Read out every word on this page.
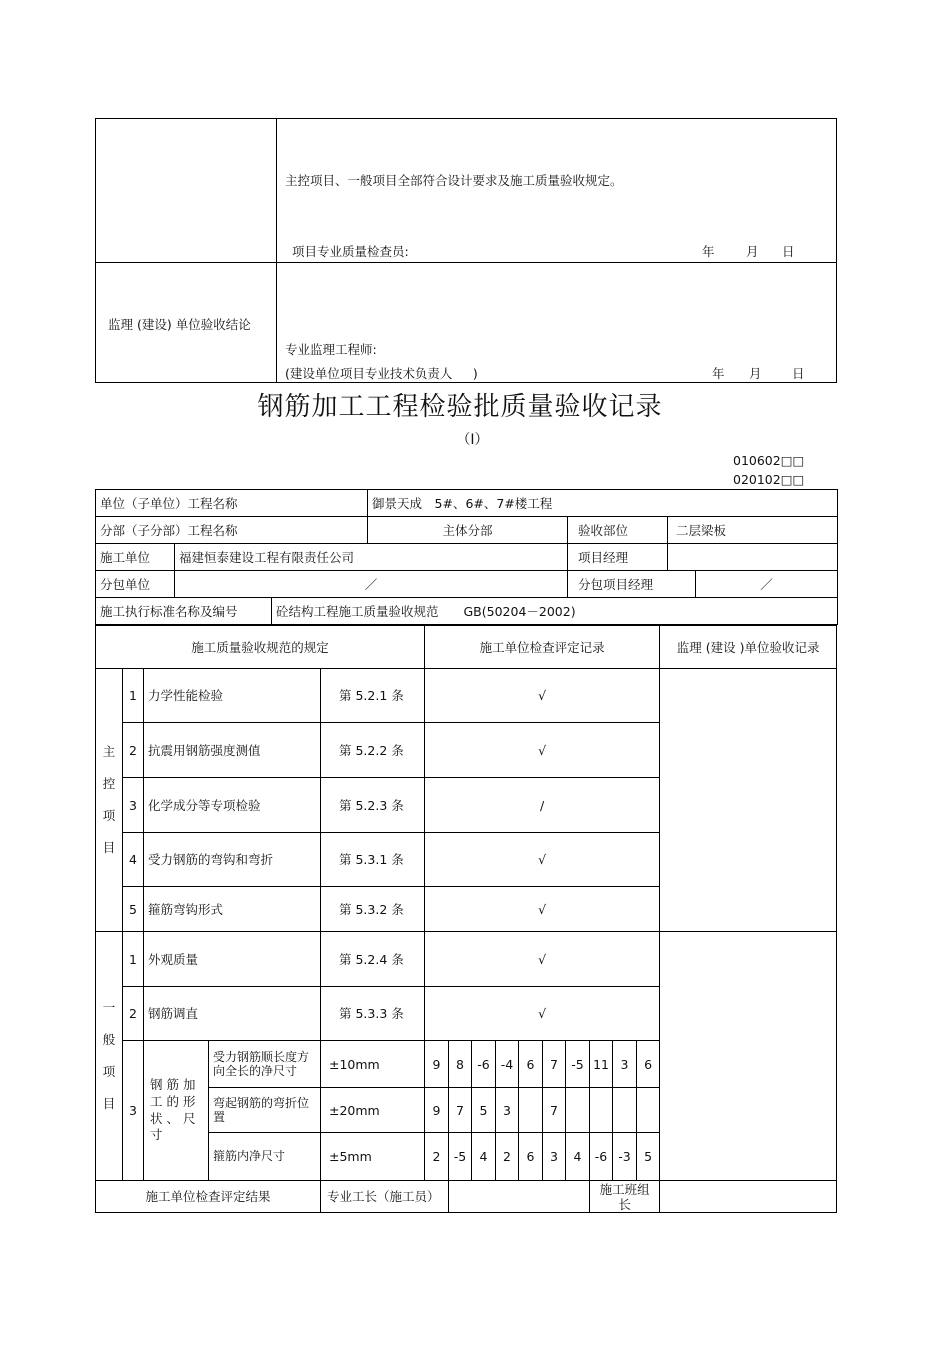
主控项目、一般项目全部符合设计要求及施工质量验收规定。
项目专业质量检查员:	年	月 日
监理 (建设) 单位验收结论
专业监理工程师:
(建设单位项目专业技术负责人 　 )	年 月 日
钢筋加工工程检验批质量验收记录
（Ⅰ）
010602□□
020102□□
单位（子单位）工程名称			御景天成　5#、6#、7#楼工程			
分部（子分部）工程名称			主体分部	验收部位	二层梁板	
施工单位	福建恒泰建设工程有限责任公司			项目经理		
分包单位	／			分包项目经理		／
施工执行标准名称及编号		砼结构工程施工质量验收规范　　GB(50204－2002)				
施工质量验收规范的规定					施工单位检查评定记录										监理 (建设 )单位验收记录

主
控
项
目	1	力学性能检验		第 5.2.1 条	√										
	2	抗震用钢筋强度测值		第 5.2.2 条	√										
	3	化学成分等专项检验		第 5.2.3 条	/										
	4	受力钢筋的弯钩和弯折		第 5.3.1 条	√										
	5	箍筋弯钩形式		第 5.3.2 条	√										

一
般
项
目	1	外观质量		第 5.2.4 条	√										
	2	钢筋调直		第 5.3.3 条	√										
	3	钢 筋 加 工 的 形 状 、 尺 寸	受力钢筋顺长度方向全长的净尺寸	±10mm	9	8	-6	-4	6	7	-5	11	3	6	
			弯起钢筋的弯折位置	±20mm	9	7	5	3		7					
			箍筋内净尺寸	±5mm	2	-5	4	2	6	3	4	-6	-3	5	
施工单位检查评定结果				专业工长（施工员）								施工班组长			
